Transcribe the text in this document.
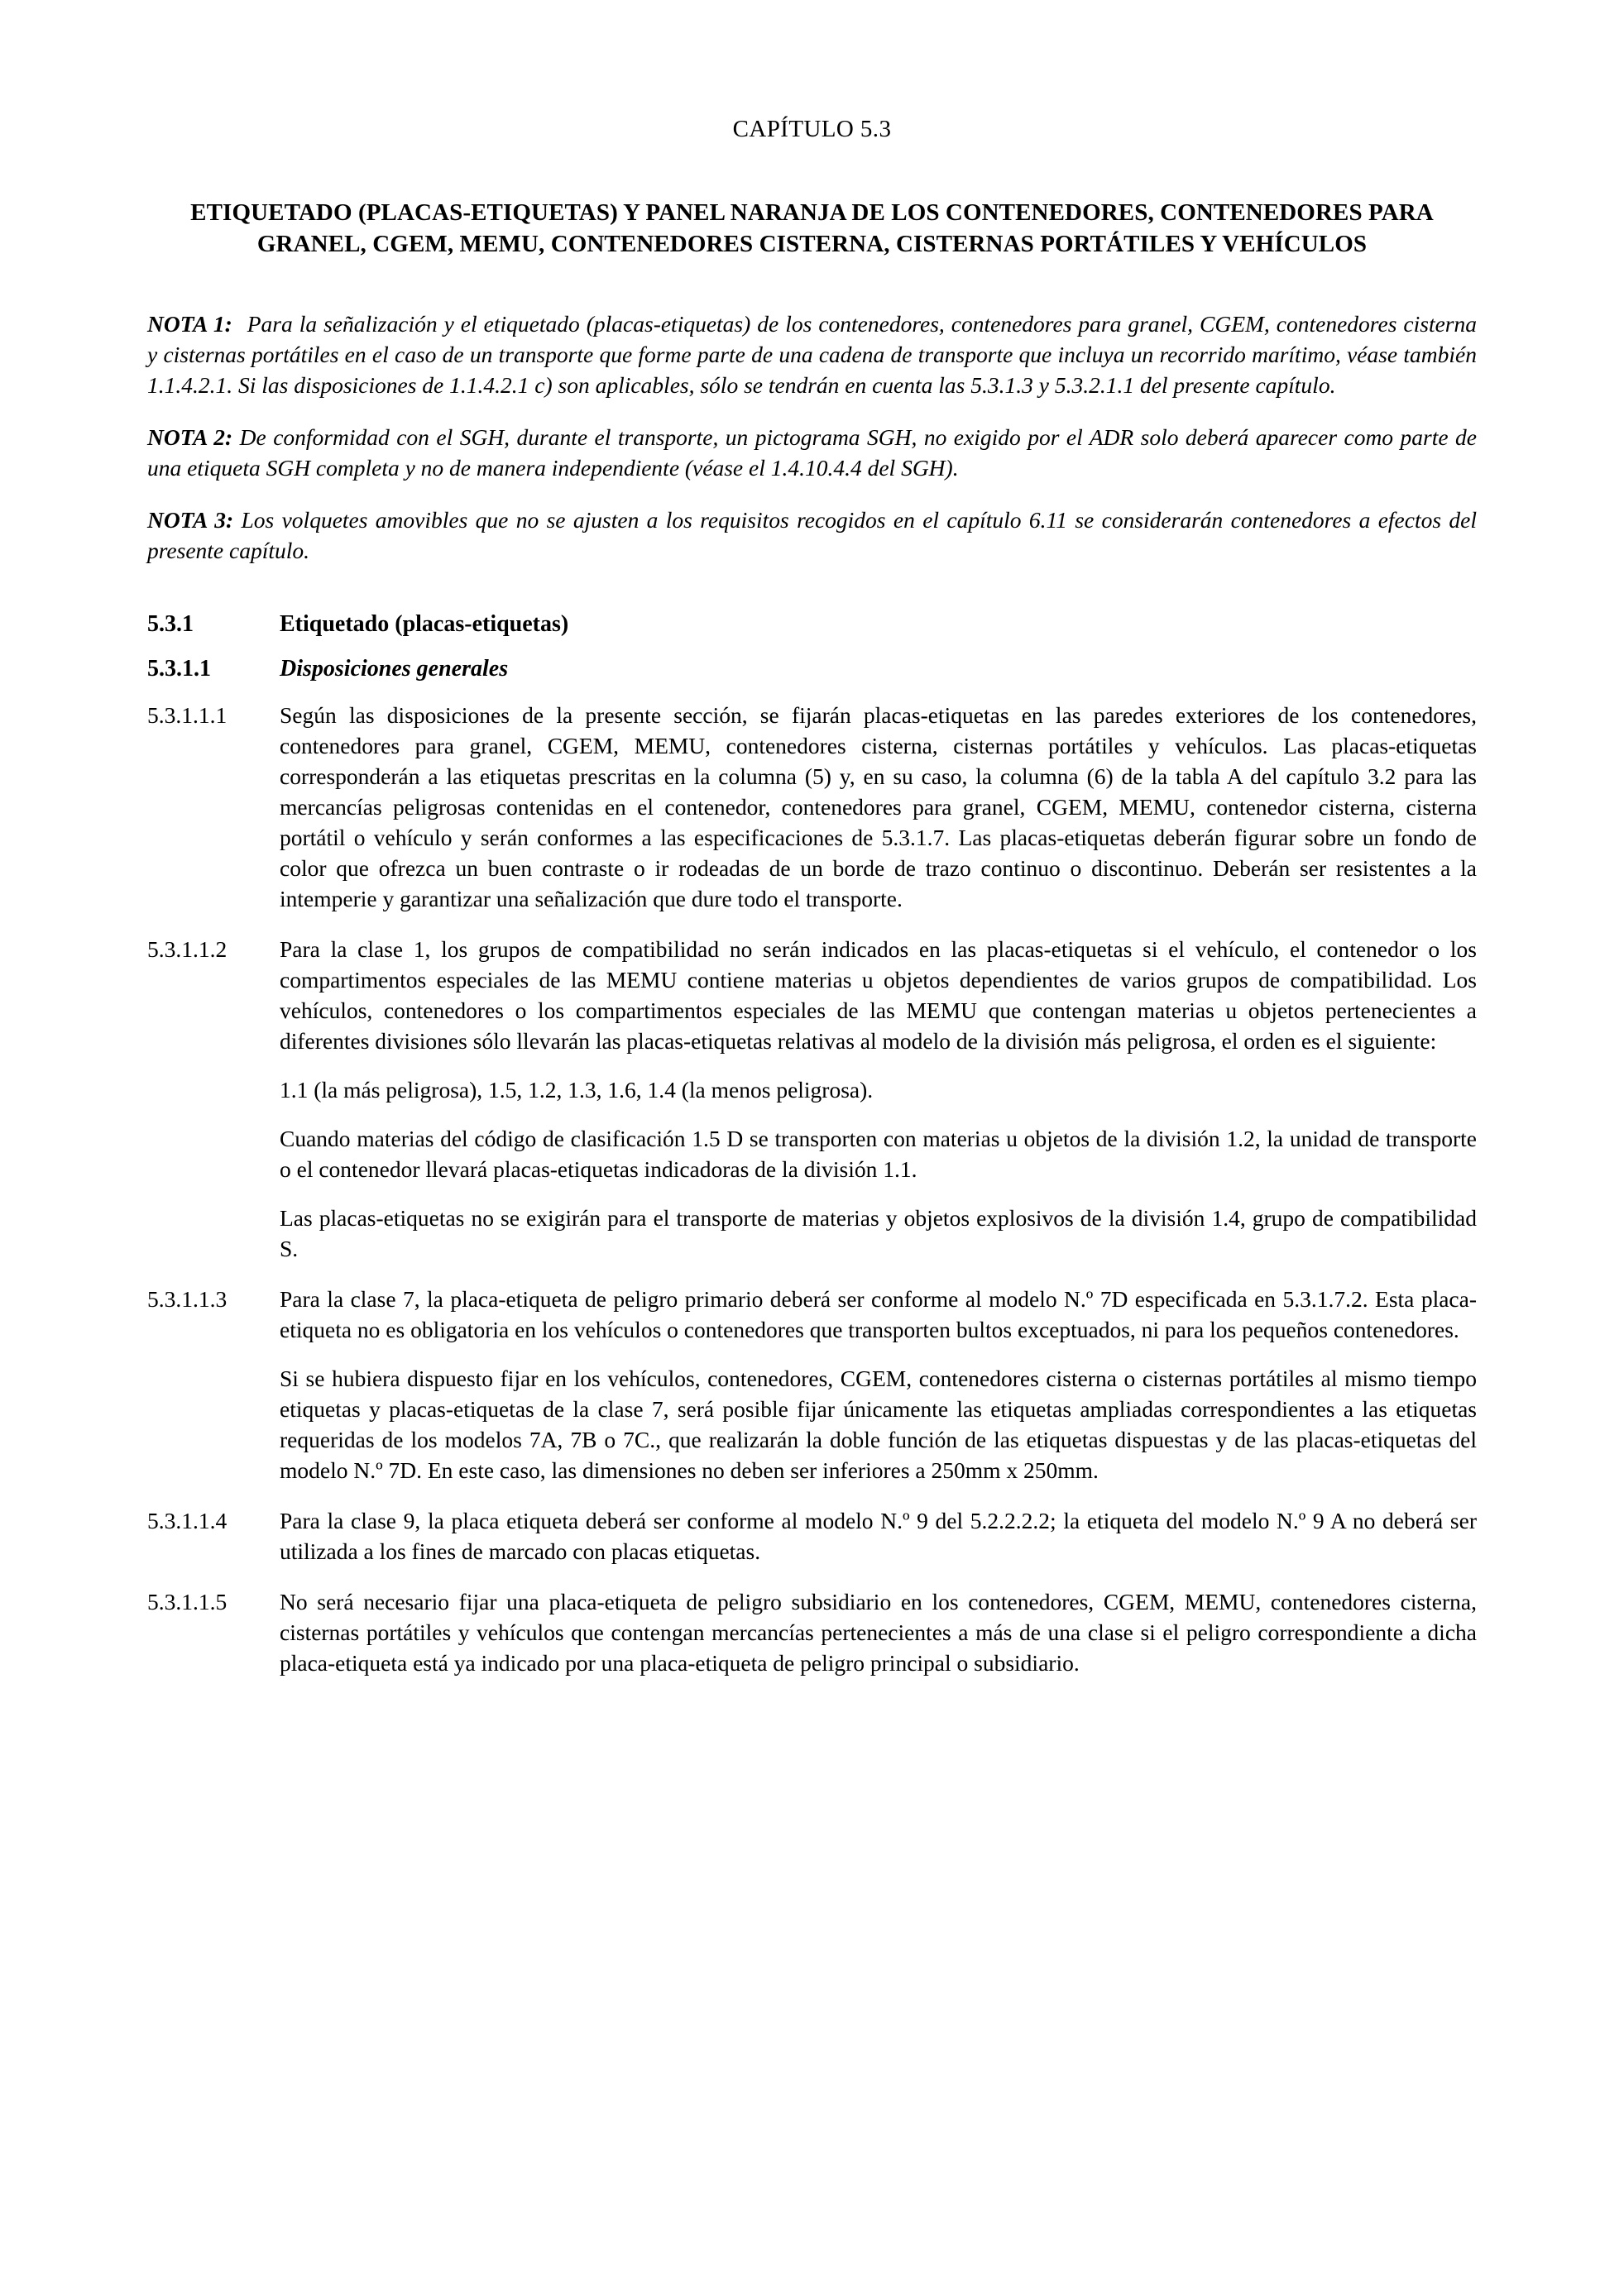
CAPÍTULO 5.3
ETIQUETADO (PLACAS-ETIQUETAS) Y PANEL NARANJA DE LOS CONTENEDORES, CONTENEDORES PARA GRANEL, CGEM, MEMU, CONTENEDORES CISTERNA, CISTERNAS PORTÁTILES Y VEHÍCULOS
NOTA 1: Para la señalización y el etiquetado (placas-etiquetas) de los contenedores, contenedores para granel, CGEM, contenedores cisterna y cisternas portátiles en el caso de un transporte que forme parte de una cadena de transporte que incluya un recorrido marítimo, véase también 1.1.4.2.1. Si las disposiciones de 1.1.4.2.1 c) son aplicables, sólo se tendrán en cuenta las 5.3.1.3 y 5.3.2.1.1 del presente capítulo.
NOTA 2: De conformidad con el SGH, durante el transporte, un pictograma SGH, no exigido por el ADR solo deberá aparecer como parte de una etiqueta SGH completa y no de manera independiente (véase el 1.4.10.4.4 del SGH).
NOTA 3: Los volquetes amovibles que no se ajusten a los requisitos recogidos en el capítulo 6.11 se considerarán contenedores a efectos del presente capítulo.
5.3.1	Etiquetado (placas-etiquetas)
5.3.1.1	Disposiciones generales
5.3.1.1.1	Según las disposiciones de la presente sección, se fijarán placas-etiquetas en las paredes exteriores de los contenedores, contenedores para granel, CGEM, MEMU, contenedores cisterna, cisternas portátiles y vehículos. Las placas-etiquetas corresponderán a las etiquetas prescritas en la columna (5) y, en su caso, la columna (6) de la tabla A del capítulo 3.2 para las mercancías peligrosas contenidas en el contenedor, contenedores para granel, CGEM, MEMU, contenedor cisterna, cisterna portátil o vehículo y serán conformes a las especificaciones de 5.3.1.7. Las placas-etiquetas deberán figurar sobre un fondo de color que ofrezca un buen contraste o ir rodeadas de un borde de trazo continuo o discontinuo. Deberán ser resistentes a la intemperie y garantizar una señalización que dure todo el transporte.

5.3.1.1.2	Para la clase 1, los grupos de compatibilidad no serán indicados en las placas-etiquetas si el vehículo, el contenedor o los compartimentos especiales de las MEMU contiene materias u objetos dependientes de varios grupos de compatibilidad. Los vehículos, contenedores o los compartimentos especiales de las MEMU que contengan materias u objetos pertenecientes a diferentes divisiones sólo llevarán las placas-etiquetas relativas al modelo de la división más peligrosa, el orden es el siguiente:

1.1 (la más peligrosa), 1.5, 1.2, 1.3, 1.6, 1.4 (la menos peligrosa).

Cuando materias del código de clasificación 1.5 D se transporten con materias u objetos de la división 1.2, la unidad de transporte o el contenedor llevará placas-etiquetas indicadoras de la división 1.1.

Las placas-etiquetas no se exigirán para el transporte de materias y objetos explosivos de la división 1.4, grupo de compatibilidad S.

5.3.1.1.3	Para la clase 7, la placa-etiqueta de peligro primario deberá ser conforme al modelo N.º 7D especificada en 5.3.1.7.2. Esta placa-etiqueta no es obligatoria en los vehículos o contenedores que transporten bultos exceptuados, ni para los pequeños contenedores.

Si se hubiera dispuesto fijar en los vehículos, contenedores, CGEM, contenedores cisterna o cisternas portátiles al mismo tiempo etiquetas y placas-etiquetas de la clase 7, será posible fijar únicamente las etiquetas ampliadas correspondientes a las etiquetas requeridas de los modelos 7A, 7B o 7C., que realizarán la doble función de las etiquetas dispuestas y de las placas-etiquetas del modelo N.º 7D. En este caso, las dimensiones no deben ser inferiores a 250mm x 250mm.

5.3.1.1.4	Para la clase 9, la placa etiqueta deberá ser conforme al modelo N.º 9 del 5.2.2.2.2; la etiqueta del modelo N.º 9 A no deberá ser utilizada a los fines de marcado con placas etiquetas.

5.3.1.1.5	No será necesario fijar una placa-etiqueta de peligro subsidiario en los contenedores, CGEM, MEMU, contenedores cisterna, cisternas portátiles y vehículos que contengan mercancías pertenecientes a más de una clase si el peligro correspondiente a dicha placa-etiqueta está ya indicado por una placa-etiqueta de peligro principal o subsidiario.
